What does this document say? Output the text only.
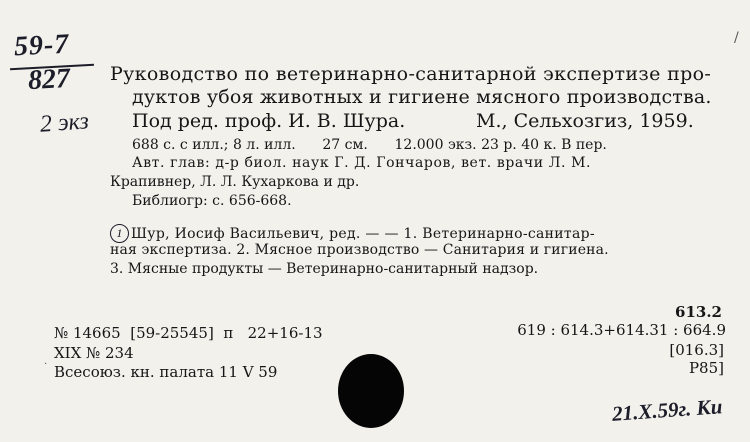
59-7
827
2 экз
Руководство по ветеринарно-санитарной экспертизе про-
дуктов убоя животных и гигиене мясного производства.
Под ред. проф. И. В. Шура.	М., Сельхозгиз, 1959.
688 с. с илл.; 8 л. илл.      27 см.      12.000 экз. 23 р. 40 к. В пер.
Авт. глав: д-р биол. наук Г. Д. Гончаров, вет. врачи Л. М.
Крапивнер, Л. Л. Кухаркова и др.
Библиогр: с. 656-668.
1 Шур, Иосиф Васильевич, ред. — — 1. Ветеринарно-санитар-
ная экспертиза. 2. Мясное производство — Санитария и гигиена.
3. Мясные продукты — Ветеринарно-санитарный надзор.
№ 14665  [59-25545]  п   22+16-13
XIX № 234
Всесоюз. кн. палата 11 V 59
613.2
619 : 614.3+614.31 : 664.9
[016.3]
P85]
21.X.59г. Ки
/
.
